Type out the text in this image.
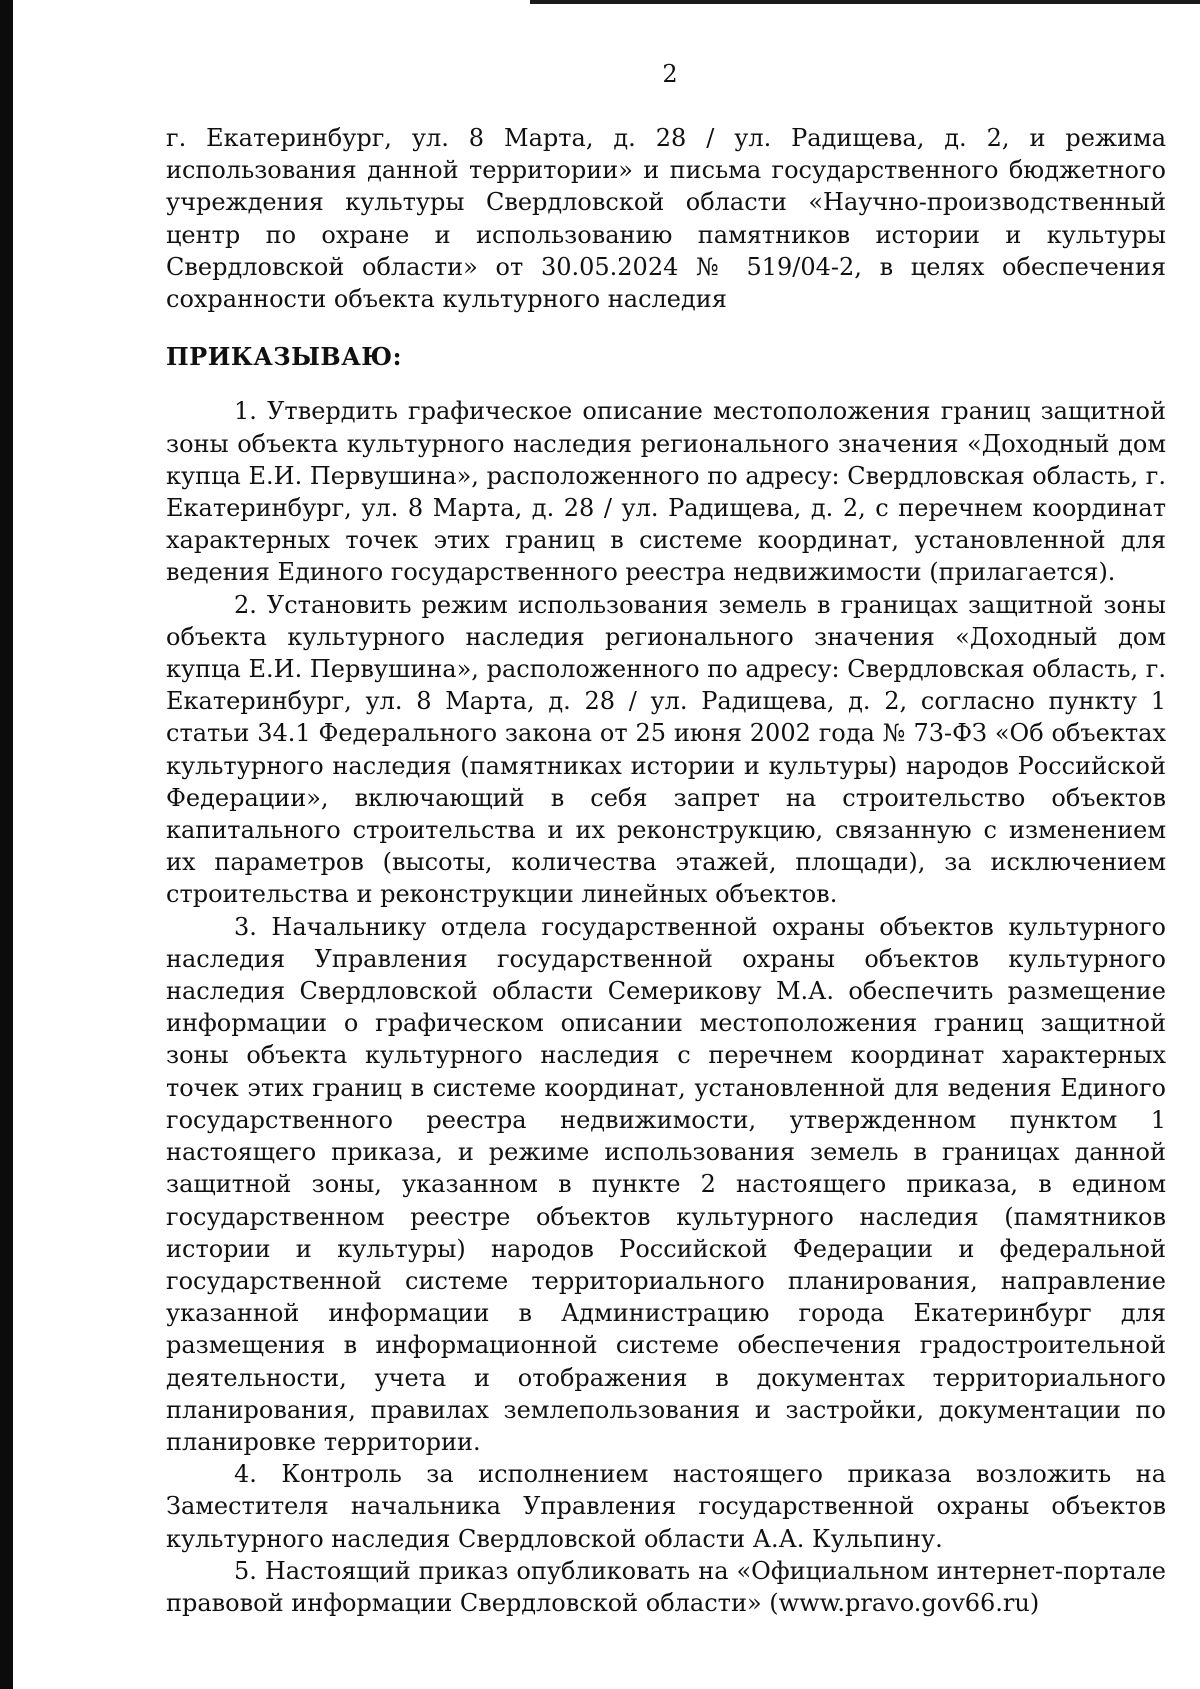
2

г. Екатеринбург, ул. 8 Марта, д. 28 / ул. Радищева, д. 2, и режима использования данной территории» и письма государственного бюджетного учреждения культуры Свердловской области «Научно-производственный центр по охране и использованию памятников истории и культуры Свердловской области» от 30.05.2024 № 519/04-2, в целях обеспечения сохранности объекта культурного наследия

ПРИКАЗЫВАЮ:

1. Утвердить графическое описание местоположения границ защитной зоны объекта культурного наследия регионального значения «Доходный дом купца Е.И. Первушина», расположенного по адресу: Свердловская область, г. Екатеринбург, ул. 8 Марта, д. 28 / ул. Радищева, д. 2, с перечнем координат характерных точек этих границ в системе координат, установленной для ведения Единого государственного реестра недвижимости (прилагается).

2. Установить режим использования земель в границах защитной зоны объекта культурного наследия регионального значения «Доходный дом купца Е.И. Первушина», расположенного по адресу: Свердловская область, г. Екатеринбург, ул. 8 Марта, д. 28 / ул. Радищева, д. 2, согласно пункту 1 статьи 34.1 Федерального закона от 25 июня 2002 года № 73-ФЗ «Об объектах культурного наследия (памятниках истории и культуры) народов Российской Федерации», включающий в себя запрет на строительство объектов капитального строительства и их реконструкцию, связанную с изменением их параметров (высоты, количества этажей, площади), за исключением строительства и реконструкции линейных объектов.

3. Начальнику отдела государственной охраны объектов культурного наследия Управления государственной охраны объектов культурного наследия Свердловской области Семерикову М.А. обеспечить размещение информации о графическом описании местоположения границ защитной зоны объекта культурного наследия с перечнем координат характерных точек этих границ в системе координат, установленной для ведения Единого государственного реестра недвижимости, утвержденном пунктом 1 настоящего приказа, и режиме использования земель в границах данной защитной зоны, указанном в пункте 2 настоящего приказа, в едином государственном реестре объектов культурного наследия (памятников истории и культуры) народов Российской Федерации и федеральной государственной системе территориального планирования, направление указанной информации в Администрацию города Екатеринбург для размещения в информационной системе обеспечения градостроительной деятельности, учета и отображения в документах территориального планирования, правилах землепользования и застройки, документации по планировке территории.

4. Контроль за исполнением настоящего приказа возложить на Заместителя начальника Управления государственной охраны объектов культурного наследия Свердловской области А.А. Кульпину.

5. Настоящий приказ опубликовать на «Официальном интернет-портале правовой информации Свердловской области» (www.pravo.gov66.ru)
